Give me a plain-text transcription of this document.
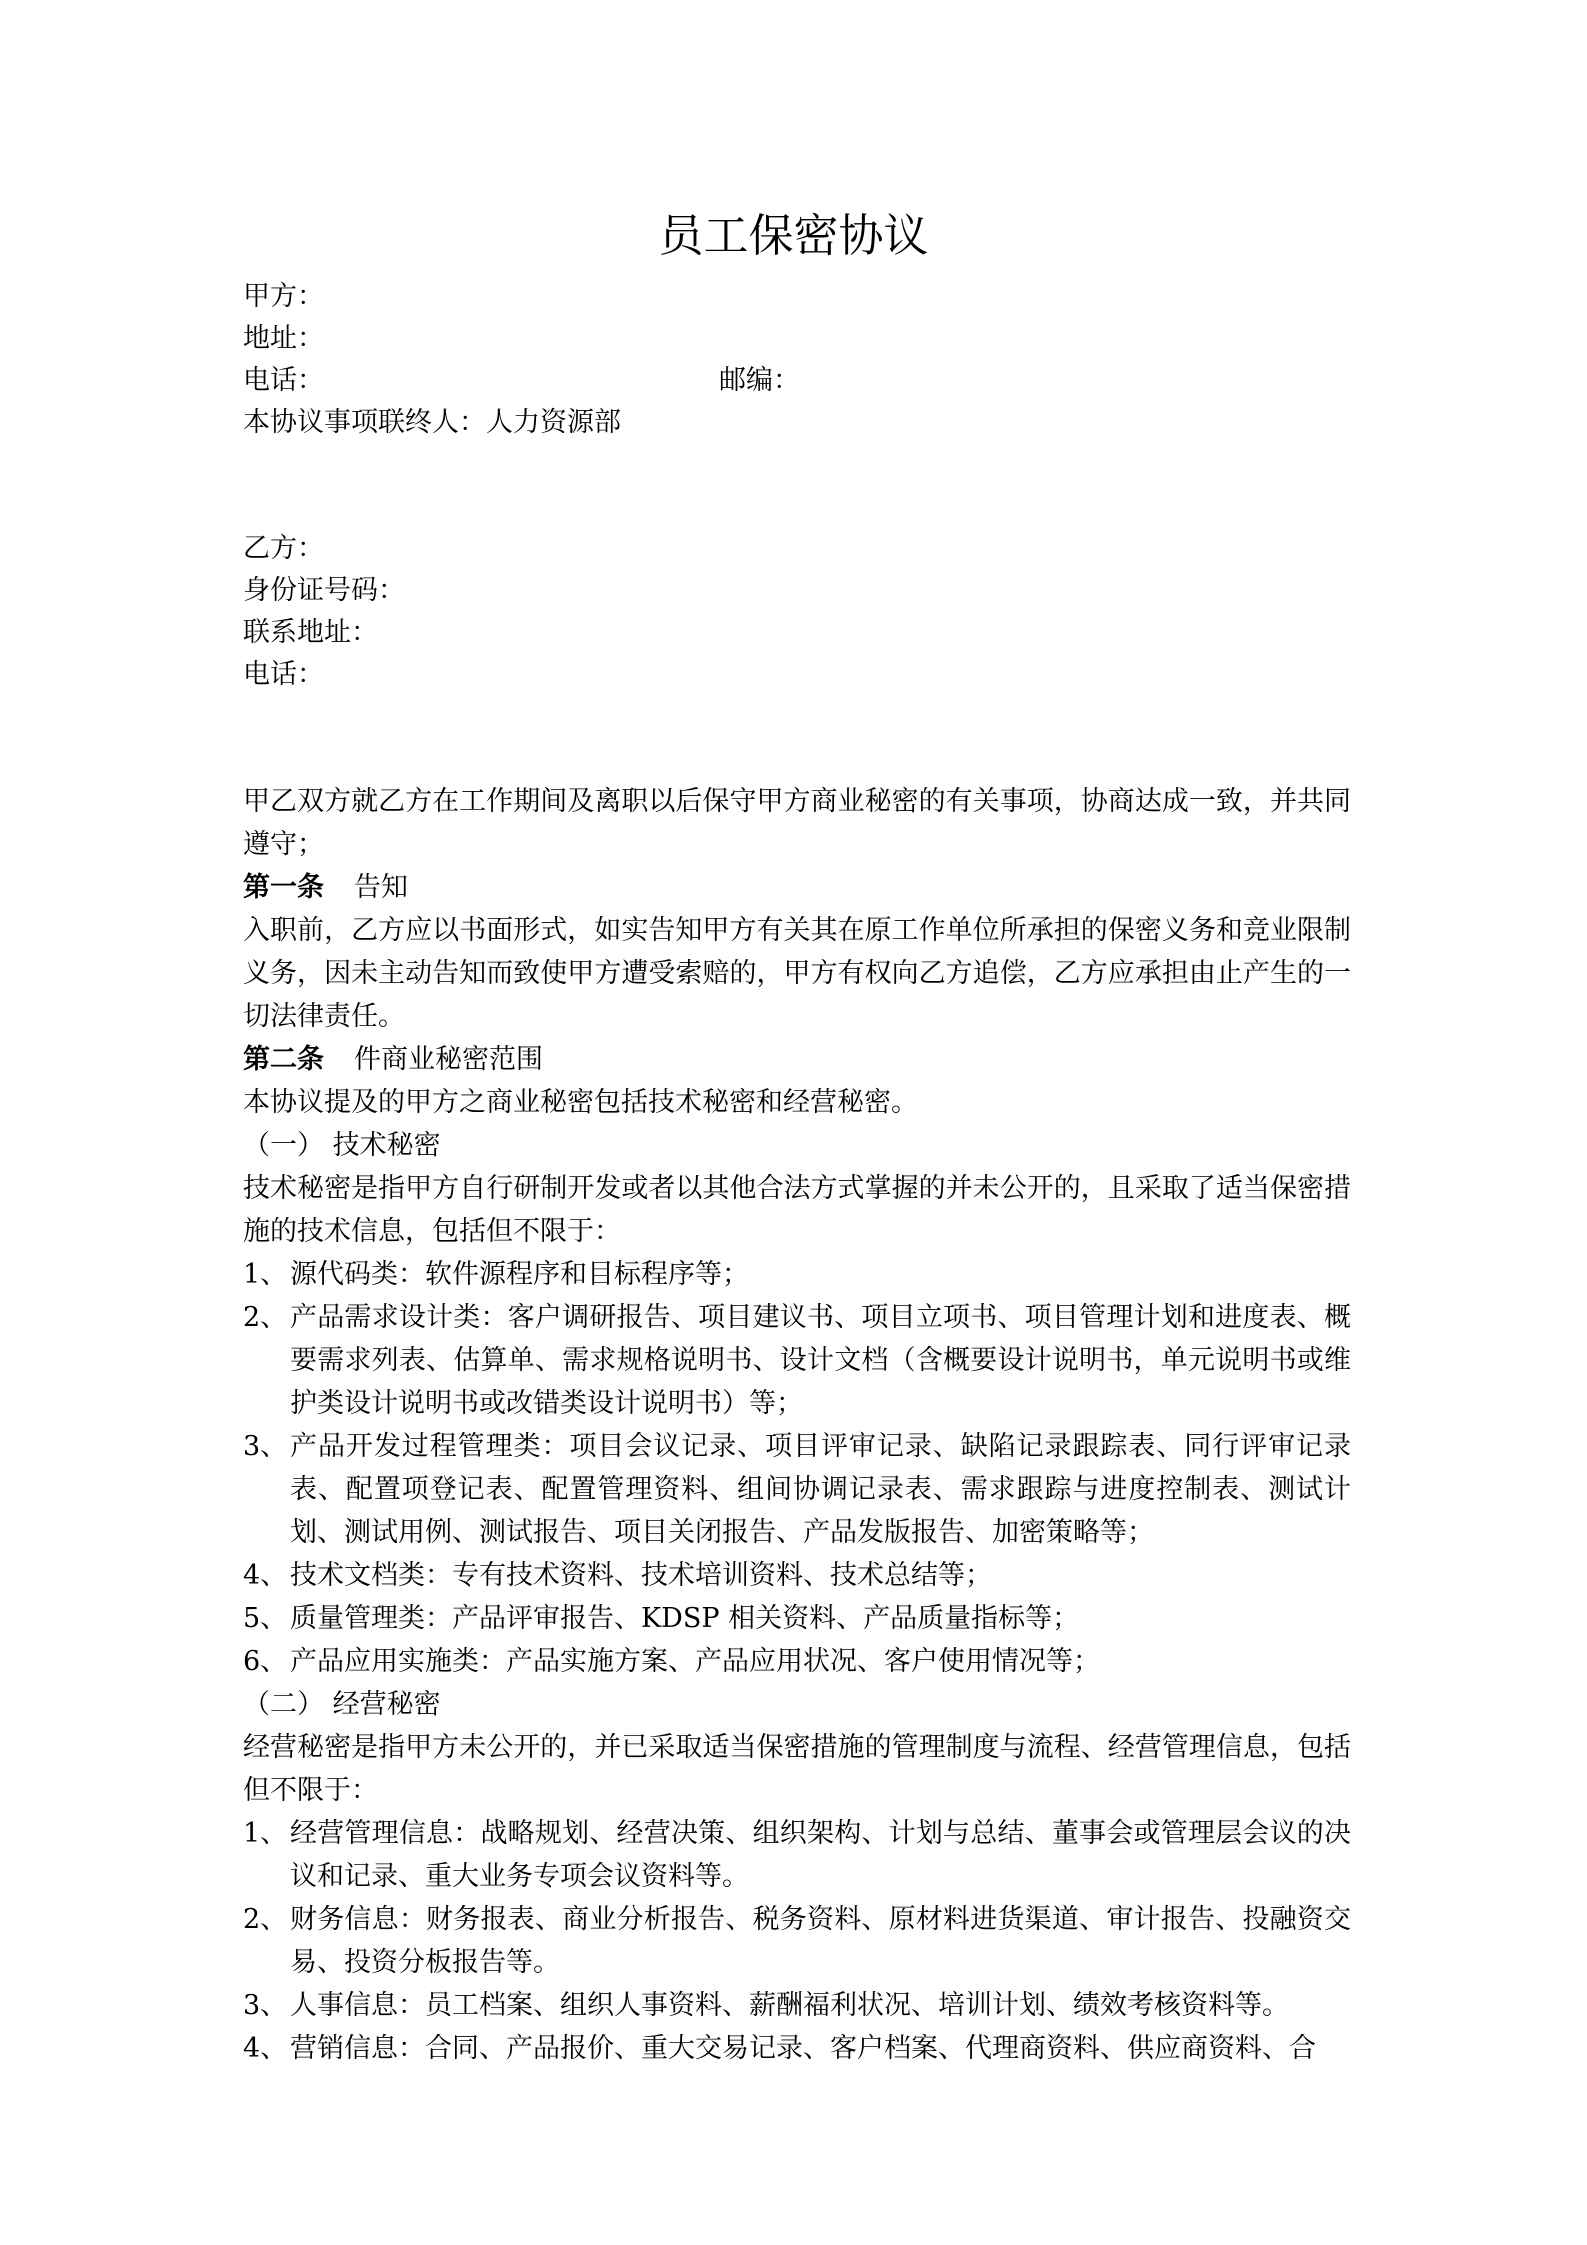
员工保密协议
甲方：
地址：
电话：	邮编：
本协议事项联终人：人力资源部
乙方：
身份证号码：
联系地址：
电话：

甲乙双方就乙方在工作期间及离职以后保守甲方商业秘密的有关事项，协商达成一致，并共同遵守；

第一条 告知

入职前，乙方应以书面形式，如实告知甲方有关其在原工作单位所承担的保密义务和竞业限制义务，因未主动告知而致使甲方遭受索赔的，甲方有权向乙方追偿，乙方应承担由止产生的一切法律责任。

第二条 件商业秘密范围

本协议提及的甲方之商业秘密包括技术秘密和经营秘密。

（一） 技术秘密

技术秘密是指甲方自行研制开发或者以其他合法方式掌握的并未公开的，且采取了适当保密措施的技术信息，包括但不限于：

1、 源代码类：软件源程序和目标程序等；
2、 产品需求设计类：客户调研报告、项目建议书、项目立项书、项目管理计划和进度表、概要需求列表、估算单、需求规格说明书、设计文档（含概要设计说明书，单元说明书或维护类设计说明书或改错类设计说明书）等；
3、 产品开发过程管理类：项目会议记录、项目评审记录、缺陷记录跟踪表、同行评审记录表、配置项登记表、配置管理资料、组间协调记录表、需求跟踪与进度控制表、测试计划、测试用例、测试报告、项目关闭报告、产品发版报告、加密策略等；
4、 技术文档类：专有技术资料、技术培训资料、技术总结等；
5、 质量管理类：产品评审报告、KDSP 相关资料、产品质量指标等；
6、 产品应用实施类：产品实施方案、产品应用状况、客户使用情况等；
（二） 经营秘密

经营秘密是指甲方未公开的，并已采取适当保密措施的管理制度与流程、经营管理信息，包括但不限于：

1、 经营管理信息：战略规划、经营决策、组织架构、计划与总结、董事会或管理层会议的决议和记录、重大业务专项会议资料等。
2、 财务信息：财务报表、商业分析报告、税务资料、原材料进货渠道、审计报告、投融资交易、投资分板报告等。
3、 人事信息：员工档案、组织人事资料、薪酬福利状况、培训计划、绩效考核资料等。
4、 营销信息：合同、产品报价、重大交易记录、客户档案、代理商资料、供应商资料、合
